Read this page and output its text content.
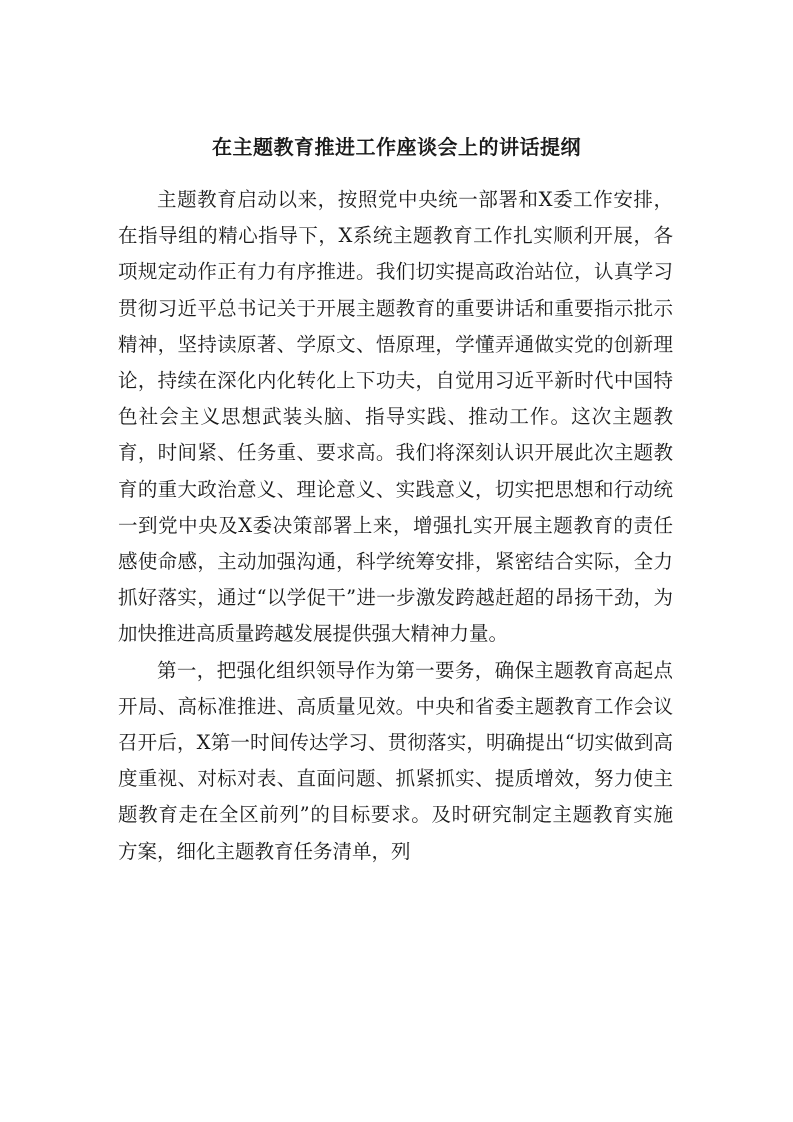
在主题教育推进工作座谈会上的讲话提纲

主题教育启动以来，按照党中央统一部署和X委工作安排，在指导组的精心指导下，X系统主题教育工作扎实顺利开展，各项规定动作正有力有序推进。我们切实提高政治站位，认真学习贯彻习近平总书记关于开展主题教育的重要讲话和重要指示批示精神，坚持读原著、学原文、悟原理，学懂弄通做实党的创新理论，持续在深化内化转化上下功夫，自觉用习近平新时代中国特色社会主义思想武装头脑、指导实践、推动工作。这次主题教育，时间紧、任务重、要求高。我们将深刻认识开展此次主题教育的重大政治意义、理论意义、实践意义，切实把思想和行动统一到党中央及X委决策部署上来，增强扎实开展主题教育的责任感使命感，主动加强沟通，科学统筹安排，紧密结合实际，全力抓好落实，通过“以学促干”进一步激发跨越赶超的昂扬干劲，为加快推进高质量跨越发展提供强大精神力量。

第一，把强化组织领导作为第一要务，确保主题教育高起点开局、高标准推进、高质量见效。中央和省委主题教育工作会议召开后，X第一时间传达学习、贯彻落实，明确提出“切实做到高度重视、对标对表、直面问题、抓紧抓实、提质增效，努力使主题教育走在全区前列”的目标要求。及时研究制定主题教育实施方案，细化主题教育任务清单，列
